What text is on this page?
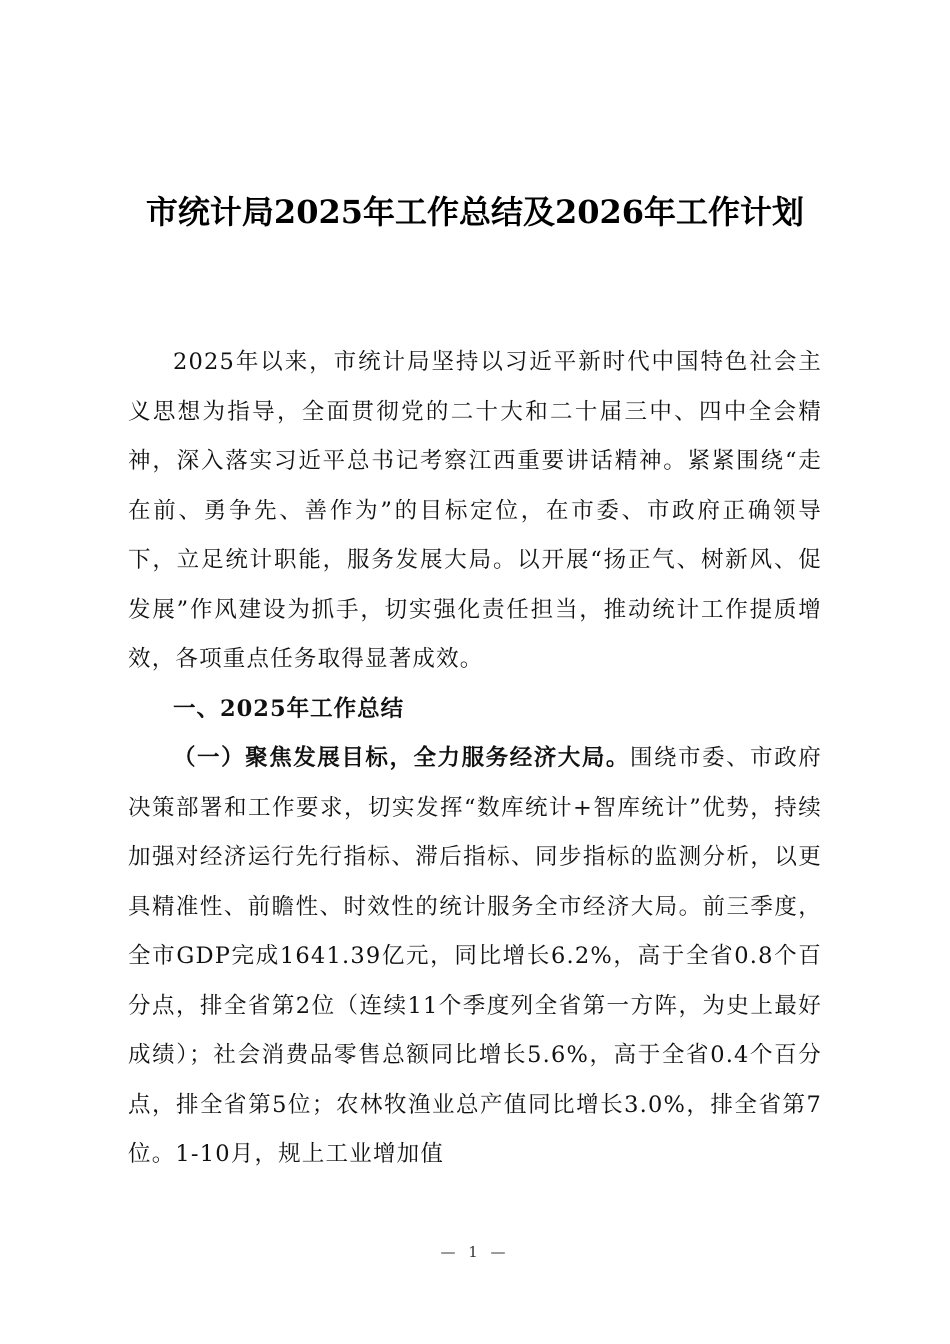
市统计局2025年工作总结及2026年工作计划

2025年以来，市统计局坚持以习近平新时代中国特色社会主义思想为指导，全面贯彻党的二十大和二十届三中、四中全会精神，深入落实习近平总书记考察江西重要讲话精神。紧紧围绕“走在前、勇争先、善作为”的目标定位，在市委、市政府正确领导下，立足统计职能，服务发展大局。以开展“扬正气、树新风、促发展”作风建设为抓手，切实强化责任担当，推动统计工作提质增效，各项重点任务取得显著成效。

一、2025年工作总结

（一）聚焦发展目标，全力服务经济大局。围绕市委、市政府决策部署和工作要求，切实发挥“数库统计+智库统计”优势，持续加强对经济运行先行指标、滞后指标、同步指标的监测分析，以更具精准性、前瞻性、时效性的统计服务全市经济大局。前三季度，全市GDP完成1641.39亿元，同比增长6.2%，高于全省0.8个百分点，排全省第2位（连续11个季度列全省第一方阵，为史上最好成绩）；社会消费品零售总额同比增长5.6%，高于全省0.4个百分点，排全省第5位；农林牧渔业总产值同比增长3.0%，排全省第7位。1-10月，规上工业增加值

— 1 —
